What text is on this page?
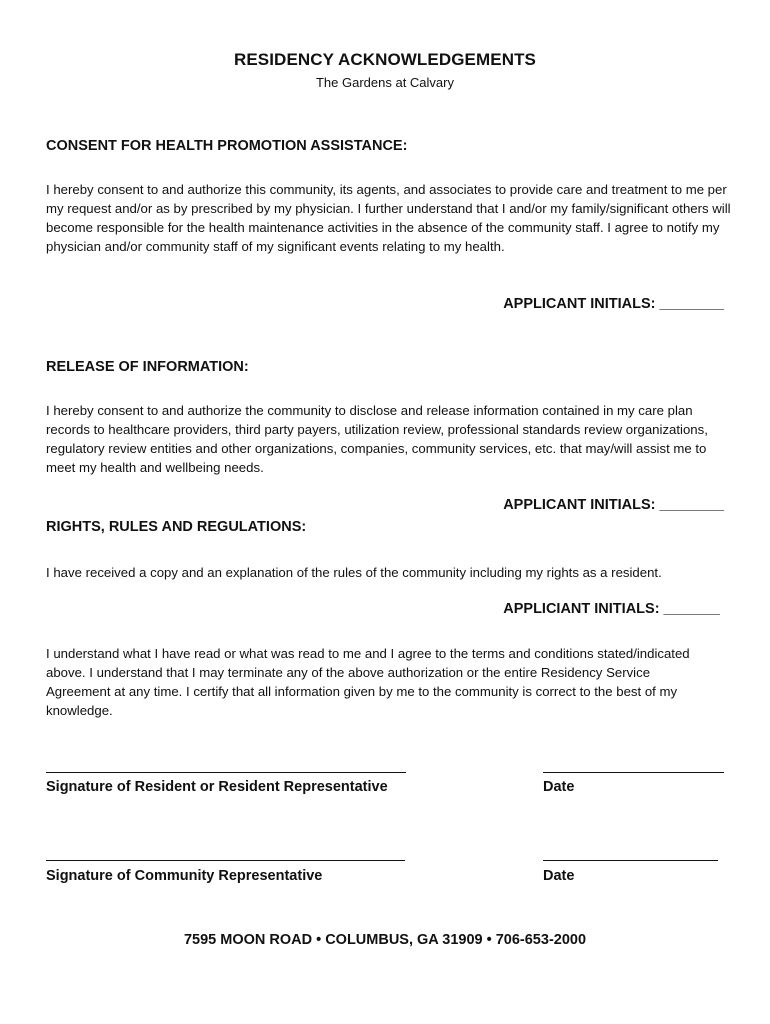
RESIDENCY ACKNOWLEDGEMENTS
The Gardens at Calvary
CONSENT FOR HEALTH PROMOTION ASSISTANCE:
I hereby consent to and authorize this community, its agents, and associates to provide care and treatment to me per my request and/or as by prescribed by my physician. I further understand that I and/or my family/significant others will become responsible for the health maintenance activities in the absence of the community staff. I agree to notify my physician and/or community staff of my significant events relating to my health.
APPLICANT INITIALS: ________
RELEASE OF INFORMATION:
I hereby consent to and authorize the community to disclose and release information contained in my care plan records to healthcare providers, third party payers, utilization review, professional standards review organizations, regulatory review entities and other organizations, companies, community services, etc. that may/will assist me to meet my health and wellbeing needs.
APPLICANT INITIALS: ________
RIGHTS, RULES AND REGULATIONS:
I have received a copy and an explanation of the rules of the community including my rights as a resident.
APPLICIANT INITIALS: _______
I understand what I have read or what was read to me and I agree to the terms and conditions stated/indicated above. I understand that I may terminate any of the above authorization or the entire Residency Service Agreement at any time. I certify that all information given by me to the community is correct to the best of my knowledge.
Signature of Resident or Resident Representative	Date
Signature of Community Representative	Date
7595 MOON ROAD • COLUMBUS, GA 31909 • 706-653-2000
